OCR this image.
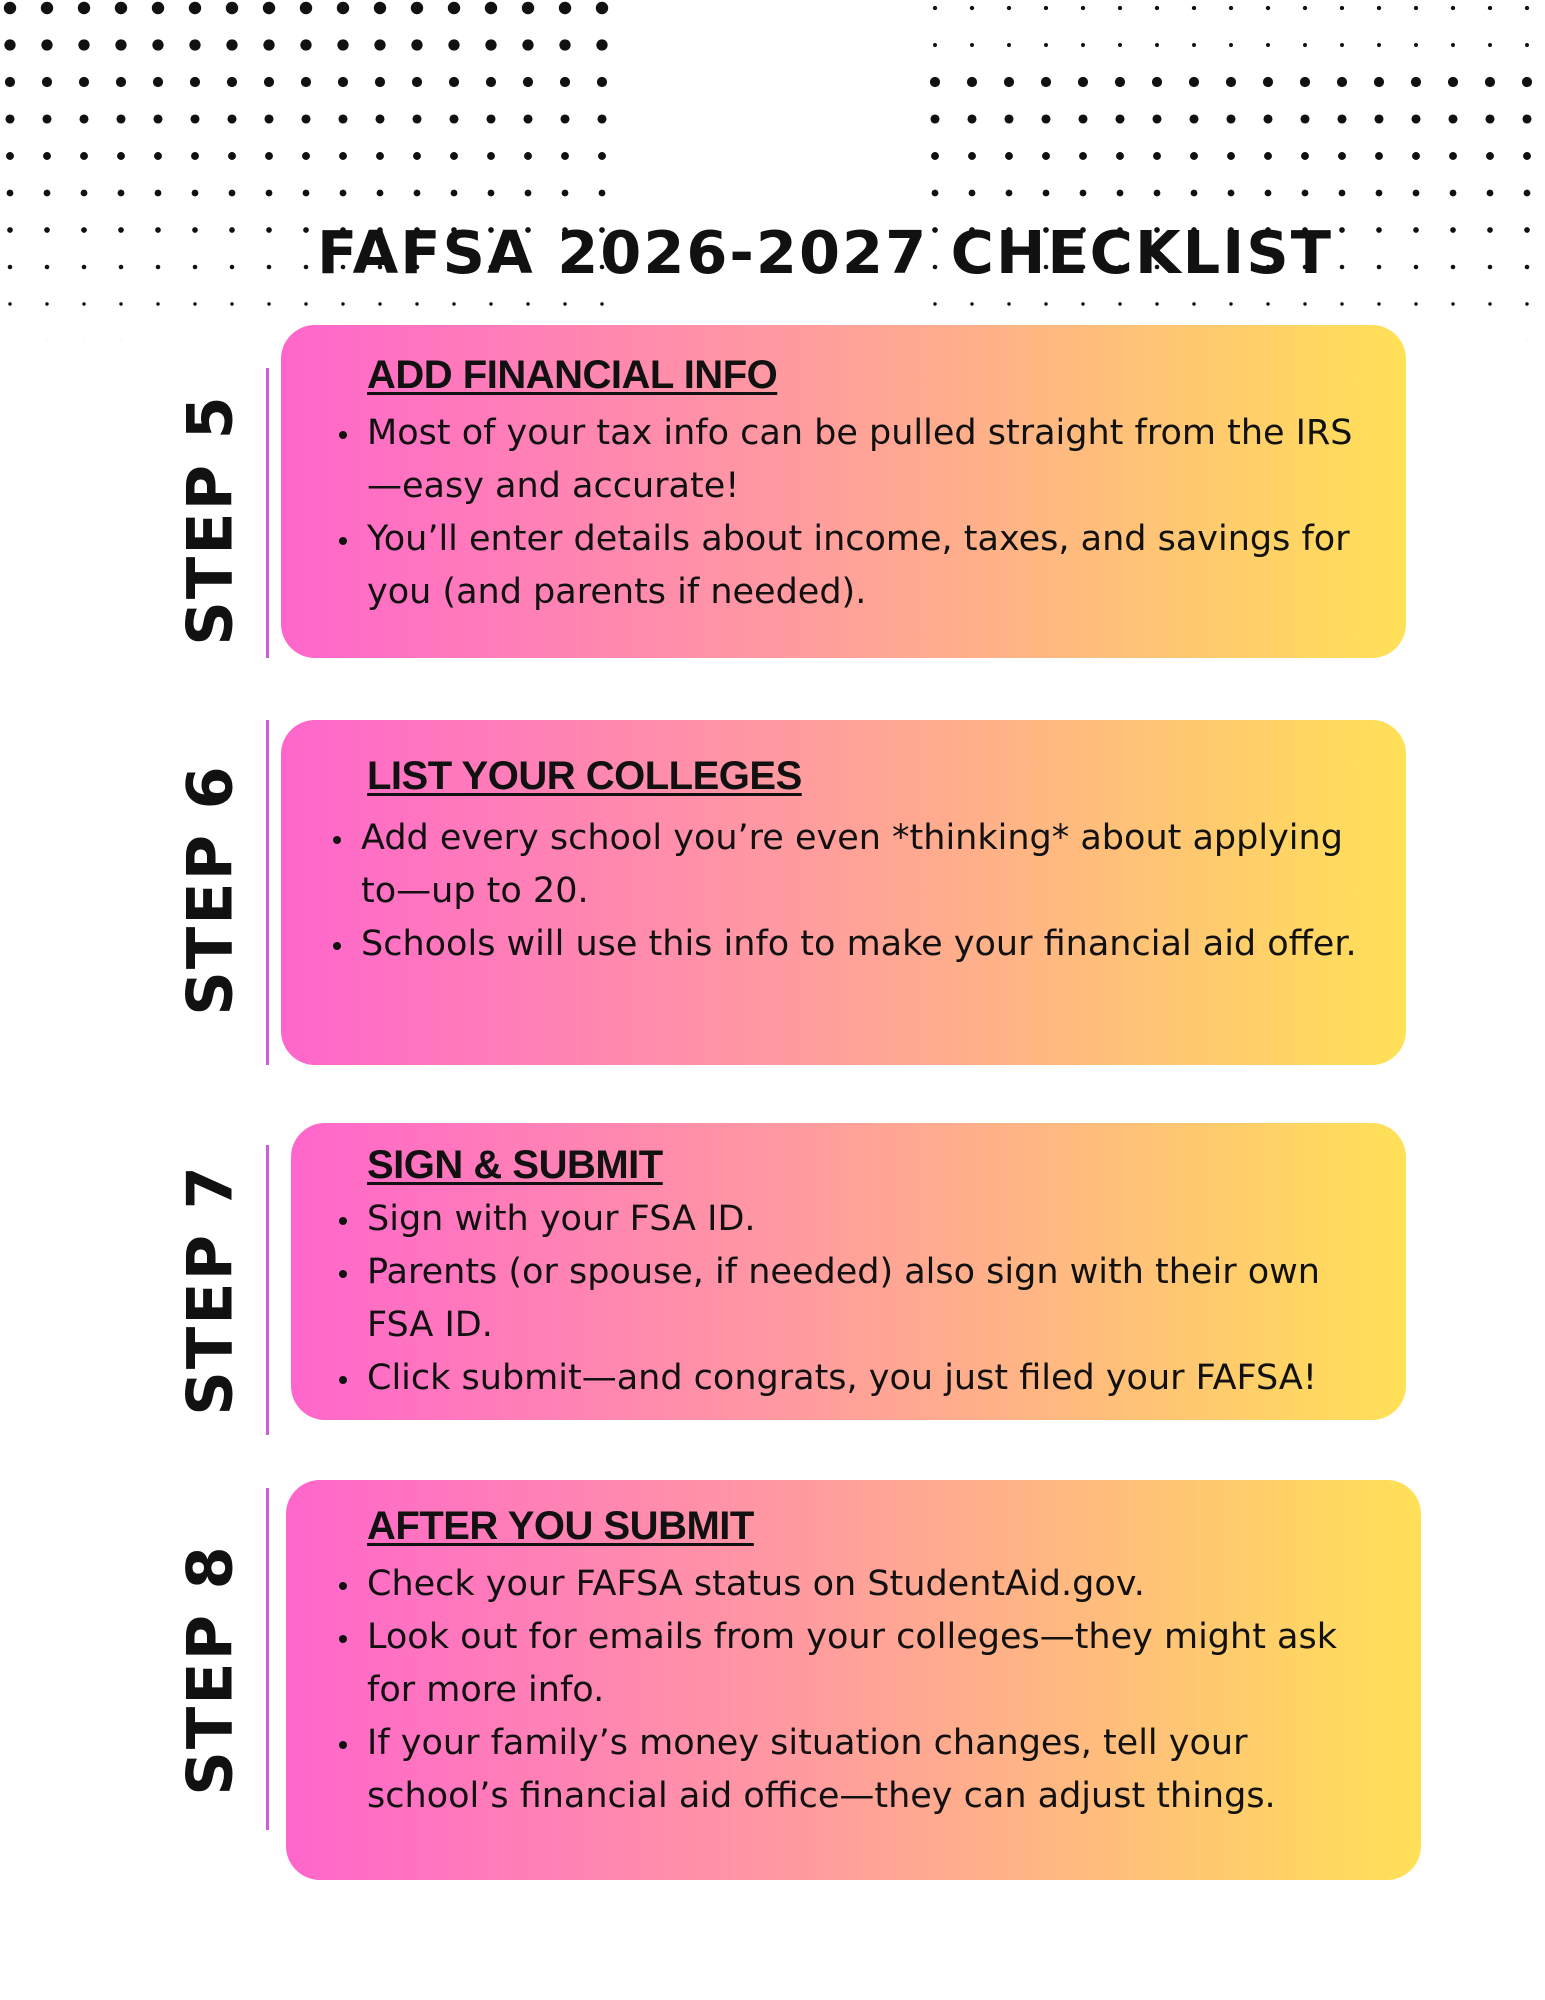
FAFSA 2026-2027 CHECKLIST
STEP 5
ADD FINANCIAL INFO
Most of your tax info can be pulled straight from the IRS—easy and accurate!
You’ll enter details about income, taxes, and savings for you (and parents if needed).
STEP 6	LIST YOUR COLLEGES
Add every school you’re even *thinking* about applying to—up to 20.
Schools will use this info to make your financial aid offer.
STEP 7	SIGN & SUBMIT
Sign with your FSA ID.
Parents (or spouse, if needed) also sign with their own FSA ID.
Click submit—and congrats, you just filed your FAFSA!
STEP 8
AFTER YOU SUBMIT
Check your FAFSA status on StudentAid.gov.
Look out for emails from your colleges—they might ask for more info.
If your family’s money situation changes, tell your school’s financial aid office—they can adjust things.
